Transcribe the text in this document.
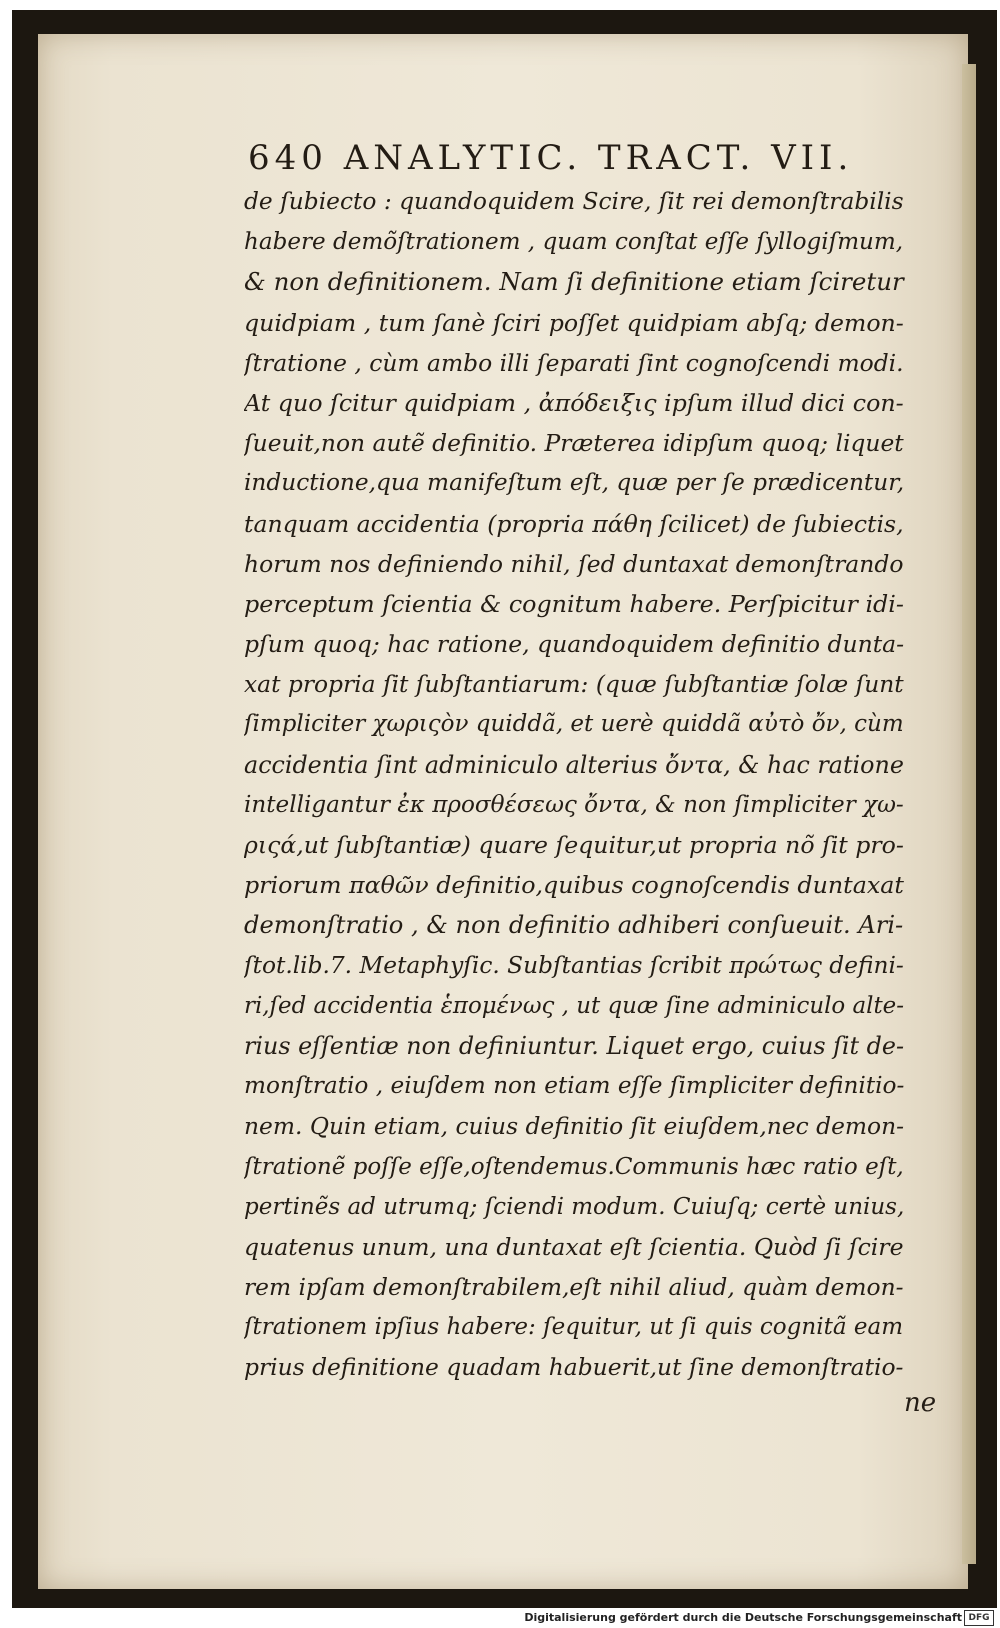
640 ANALYTIC. TRACT. VII.
de ſubiecto : quandoquidem Scire, ſit rei demonſtrabilis
habere demõſtrationem , quam conſtat eſſe ſyllogiſmum,
& non definitionem. Nam ſi definitione etiam ſciretur
quidpiam , tum ſanè ſciri poſſet quidpiam abſq; demon-
ſtratione , cùm ambo illi ſeparati ſint cognoſcendi modi.
At quo ſcitur quidpiam , ἀπόδειξις ipſum illud dici con-
ſueuit,non autẽ definitio. Præterea idipſum quoq; liquet
inductione,qua manifeſtum eſt, quæ per ſe prædicentur,
tanquam accidentia (propria πάθη ſcilicet) de ſubiectis,
horum nos definiendo nihil, ſed duntaxat demonſtrando
perceptum ſcientia & cognitum habere. Perſpicitur idi-
pſum quoq; hac ratione, quandoquidem definitio dunta-
xat propria ſit ſubſtantiarum: (quæ ſubſtantiæ ſolæ ſunt
ſimpliciter χωριςὸν quiddã, et uerè quiddã αὐτὸ ὄν, cùm
accidentia ſint adminiculo alterius ὄντα, & hac ratione
intelligantur ἐκ προσθέσεως ὄντα, & non ſimpliciter χω-
ριςά,ut ſubſtantiæ) quare ſequitur,ut propria nõ ſit pro-
priorum παθῶν definitio,quibus cognoſcendis duntaxat
demonſtratio , & non definitio adhiberi conſueuit. Ari-
ſtot.lib.7. Metaphyſic. Subſtantias ſcribit πρώτως defini-
ri,ſed accidentia ἑπομένως , ut quæ ſine adminiculo alte-
rius eſſentiæ non definiuntur. Liquet ergo, cuius ſit de-
monſtratio , eiuſdem non etiam eſſe ſimpliciter definitio-
nem. Quin etiam, cuius definitio ſit eiuſdem,nec demon-
ſtrationẽ poſſe eſſe,oſtendemus.Communis hæc ratio eſt,
pertinẽs ad utrumq; ſciendi modum. Cuiuſq; certè unius,
quatenus unum, una duntaxat eſt ſcientia. Quòd ſi ſcire
rem ipſam demonſtrabilem,eſt nihil aliud, quàm demon-
ſtrationem ipſius habere: ſequitur, ut ſi quis cognitã eam
prius definitione quadam habuerit,ut ſine demonſtratio-
ne
Digitalisierung gefördert durch die Deutsche Forschungsgemeinschaft DFG
